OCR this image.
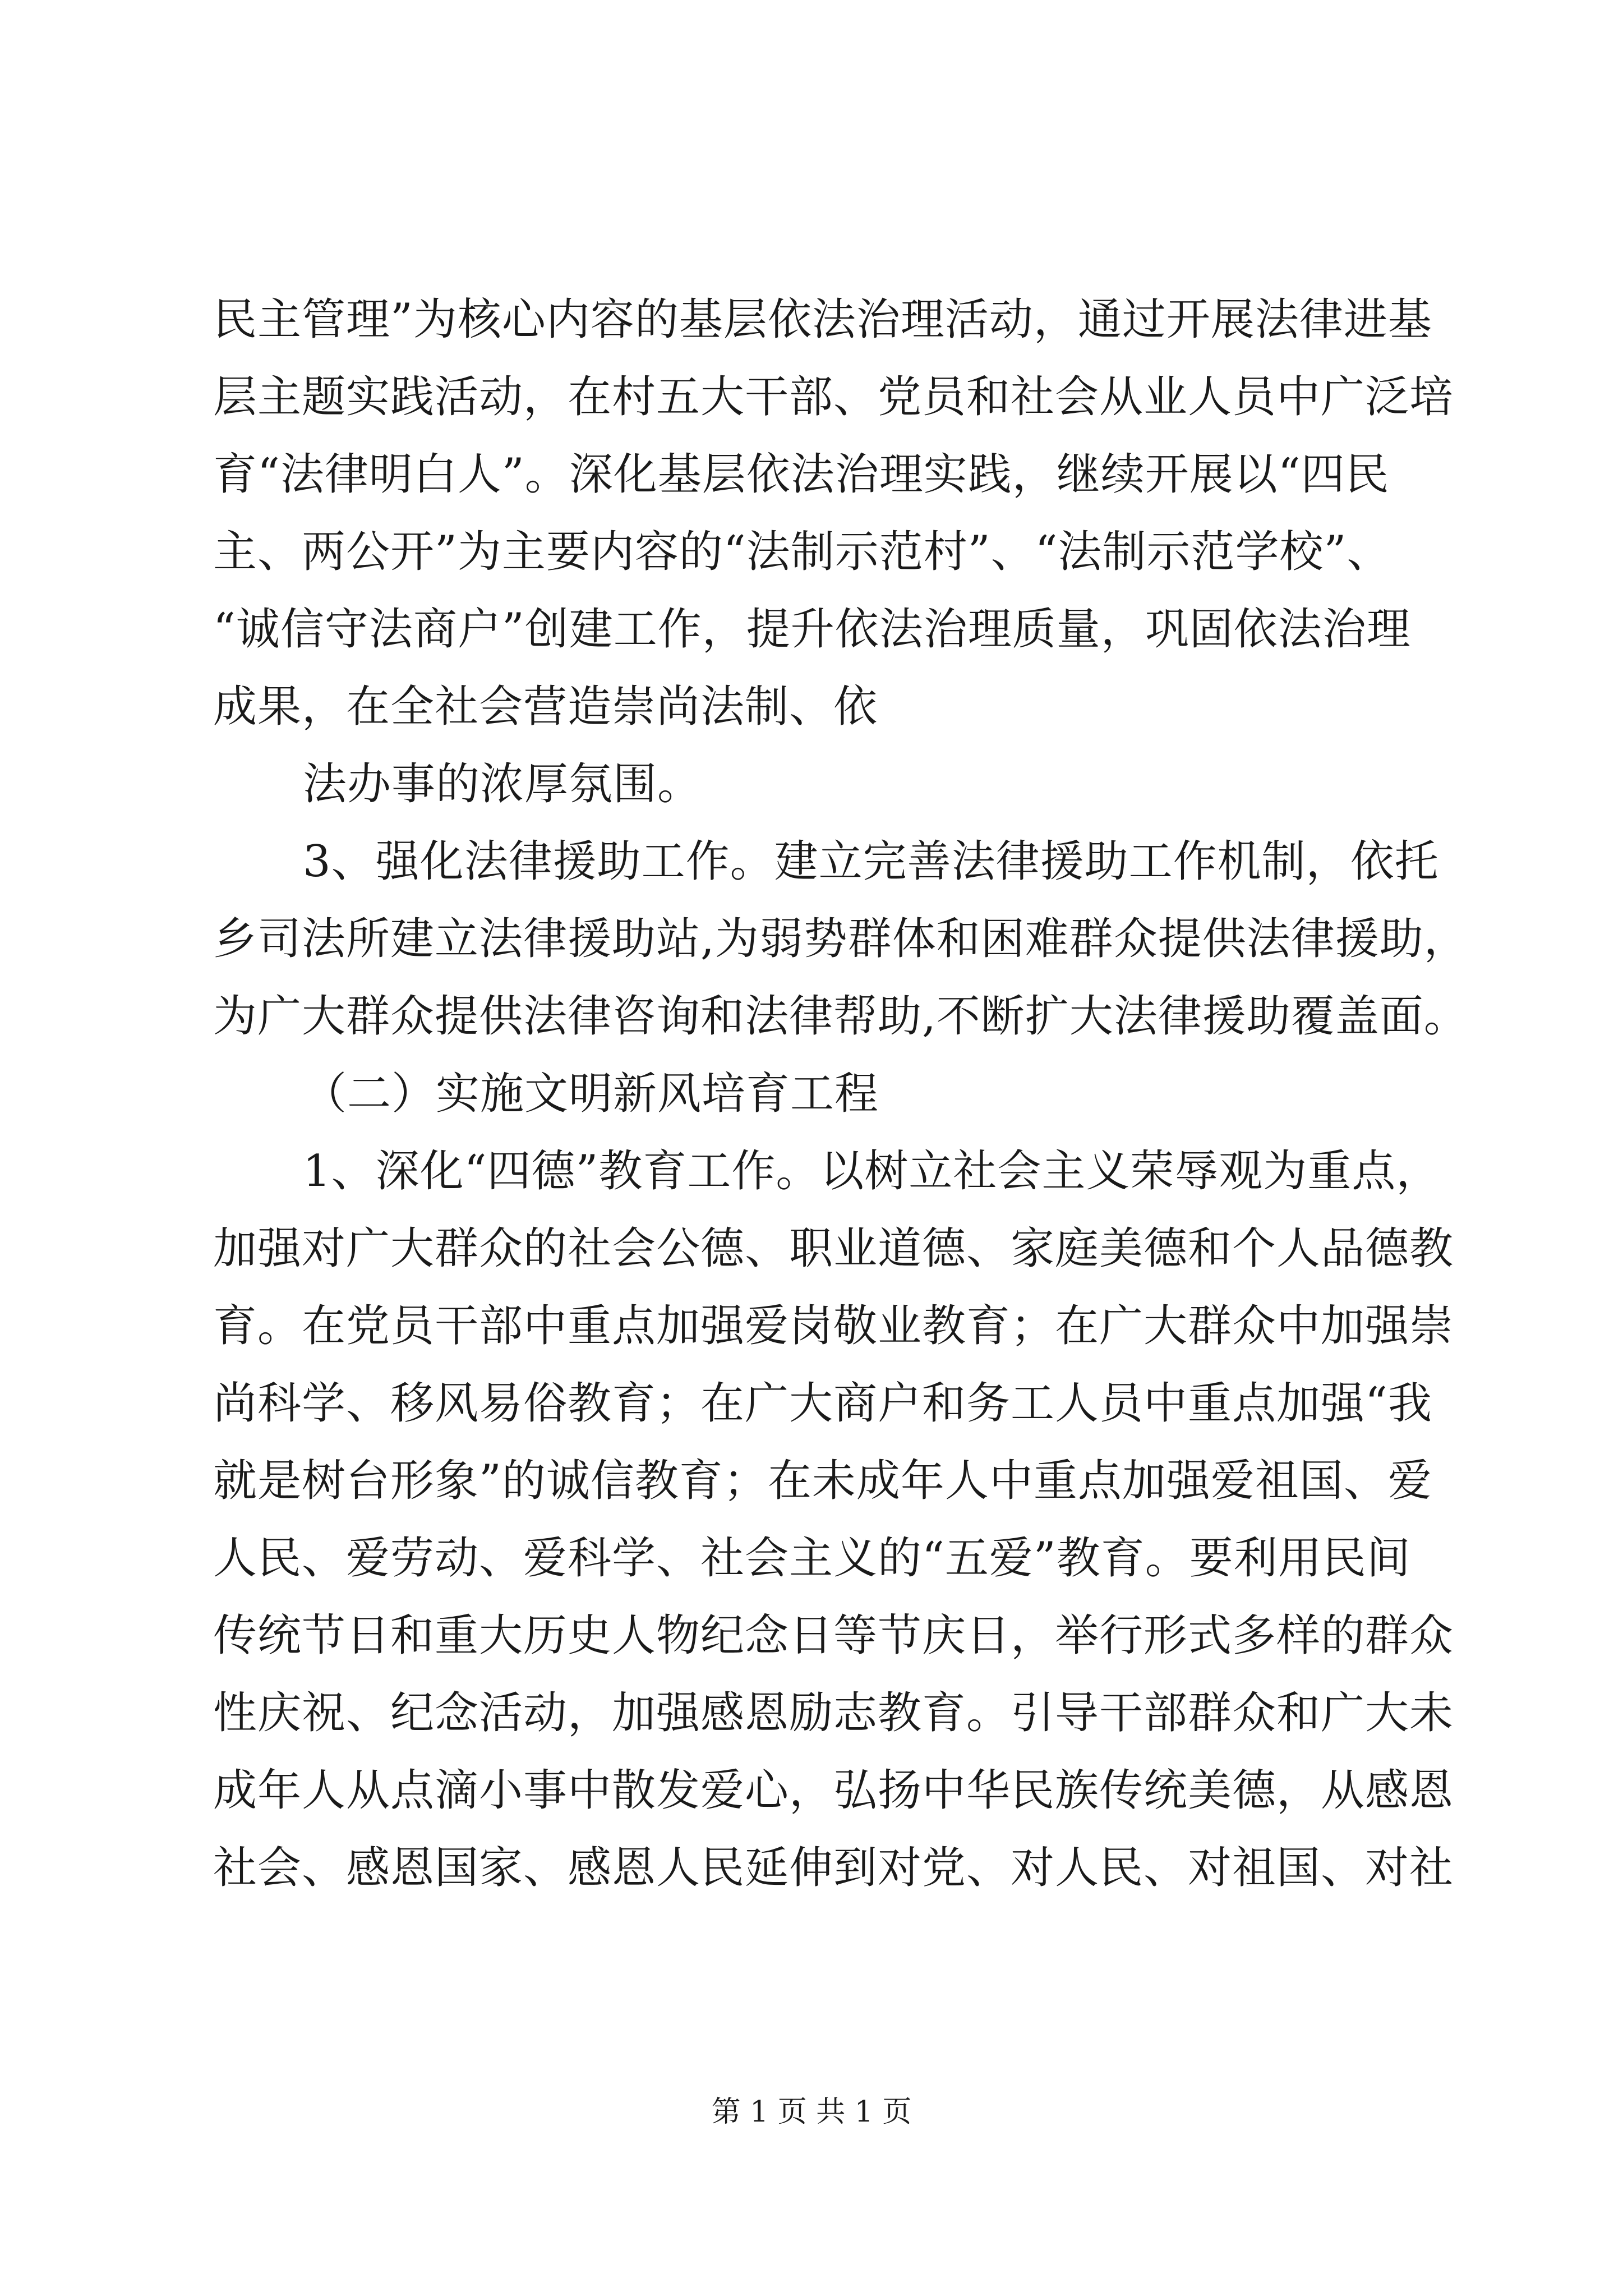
民主管理”为核心内容的基层依法治理活动，通过开展法律进基
层主题实践活动，在村五大干部、党员和社会从业人员中广泛培
育“法律明白人”。深化基层依法治理实践，继续开展以“四民
主、两公开”为主要内容的“法制示范村”、“法制示范学校”、
“诚信守法商户”创建工作，提升依法治理质量，巩固依法治理
成果，在全社会营造崇尚法制、依
法办事的浓厚氛围。
3、强化法律援助工作。建立完善法律援助工作机制，依托
乡司法所建立法律援助站,为弱势群体和困难群众提供法律援助，
为广大群众提供法律咨询和法律帮助,不断扩大法律援助覆盖面。
（二）实施文明新风培育工程
1、深化“四德”教育工作。以树立社会主义荣辱观为重点，
加强对广大群众的社会公德、职业道德、家庭美德和个人品德教
育。在党员干部中重点加强爱岗敬业教育；在广大群众中加强崇
尚科学、移风易俗教育；在广大商户和务工人员中重点加强“我
就是树台形象”的诚信教育；在未成年人中重点加强爱祖国、爱
人民、爱劳动、爱科学、社会主义的“五爱”教育。要利用民间
传统节日和重大历史人物纪念日等节庆日，举行形式多样的群众
性庆祝、纪念活动，加强感恩励志教育。引导干部群众和广大未
成年人从点滴小事中散发爱心，弘扬中华民族传统美德，从感恩
社会、感恩国家、感恩人民延伸到对党、对人民、对祖国、对社
第 1 页 共 1 页
